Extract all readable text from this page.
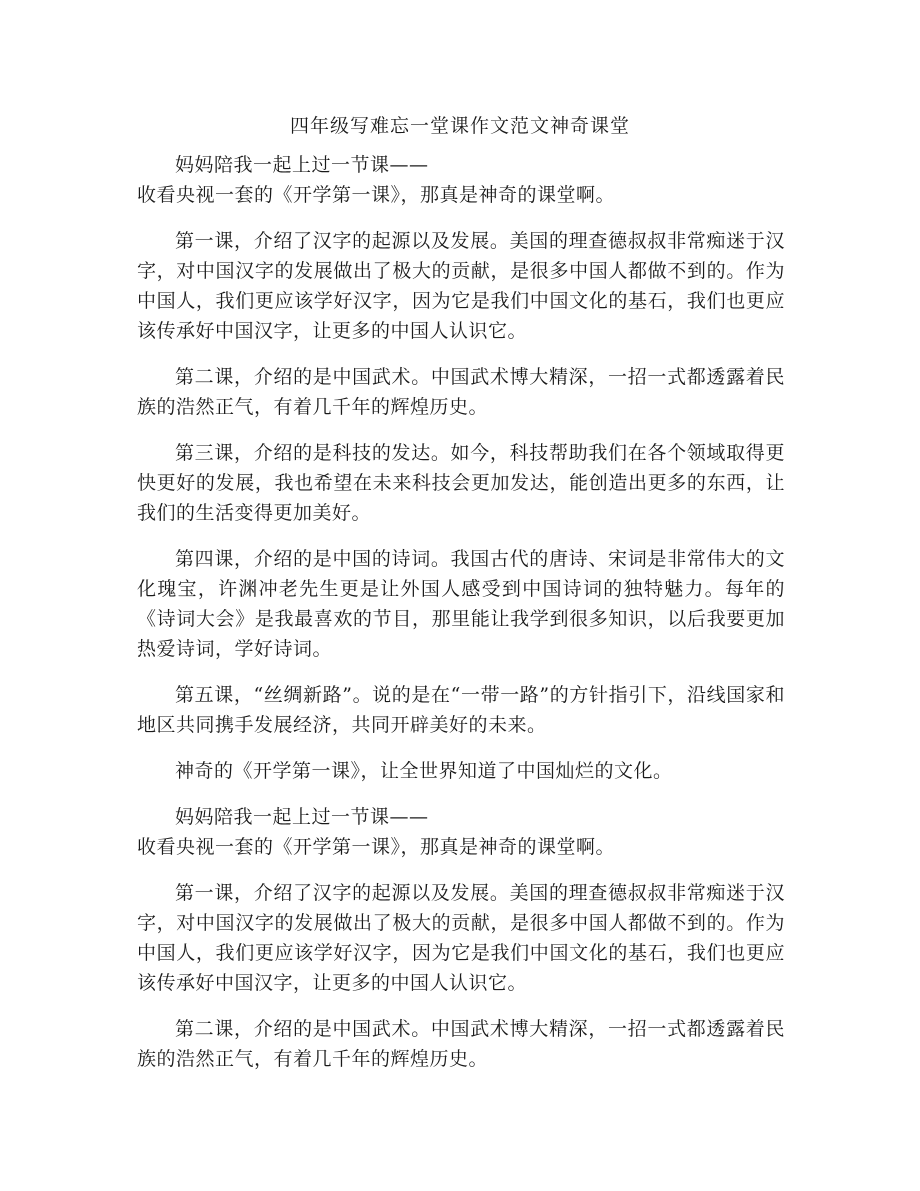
四年级写难忘一堂课作文范文神奇课堂

妈妈陪我一起上过一节课——
收看央视一套的《开学第一课》，那真是神奇的课堂啊。

第一课，介绍了汉字的起源以及发展。美国的理查德叔叔非常痴迷于汉字，对中国汉字的发展做出了极大的贡献，是很多中国人都做不到的。作为中国人，我们更应该学好汉字，因为它是我们中国文化的基石，我们也更应该传承好中国汉字，让更多的中国人认识它。

第二课，介绍的是中国武术。中国武术博大精深，一招一式都透露着民族的浩然正气，有着几千年的辉煌历史。

第三课，介绍的是科技的发达。如今，科技帮助我们在各个领域取得更快更好的发展，我也希望在未来科技会更加发达，能创造出更多的东西，让我们的生活变得更加美好。

第四课，介绍的是中国的诗词。我国古代的唐诗、宋词是非常伟大的文化瑰宝，许渊冲老先生更是让外国人感受到中国诗词的独特魅力。每年的《诗词大会》是我最喜欢的节目，那里能让我学到很多知识，以后我要更加热爱诗词，学好诗词。

第五课，“丝绸新路”。说的是在“一带一路”的方针指引下，沿线国家和地区共同携手发展经济，共同开辟美好的未来。

神奇的《开学第一课》，让全世界知道了中国灿烂的文化。

妈妈陪我一起上过一节课——
收看央视一套的《开学第一课》，那真是神奇的课堂啊。

第一课，介绍了汉字的起源以及发展。美国的理查德叔叔非常痴迷于汉字，对中国汉字的发展做出了极大的贡献，是很多中国人都做不到的。作为中国人，我们更应该学好汉字，因为它是我们中国文化的基石，我们也更应该传承好中国汉字，让更多的中国人认识它。

第二课，介绍的是中国武术。中国武术博大精深，一招一式都透露着民族的浩然正气，有着几千年的辉煌历史。
